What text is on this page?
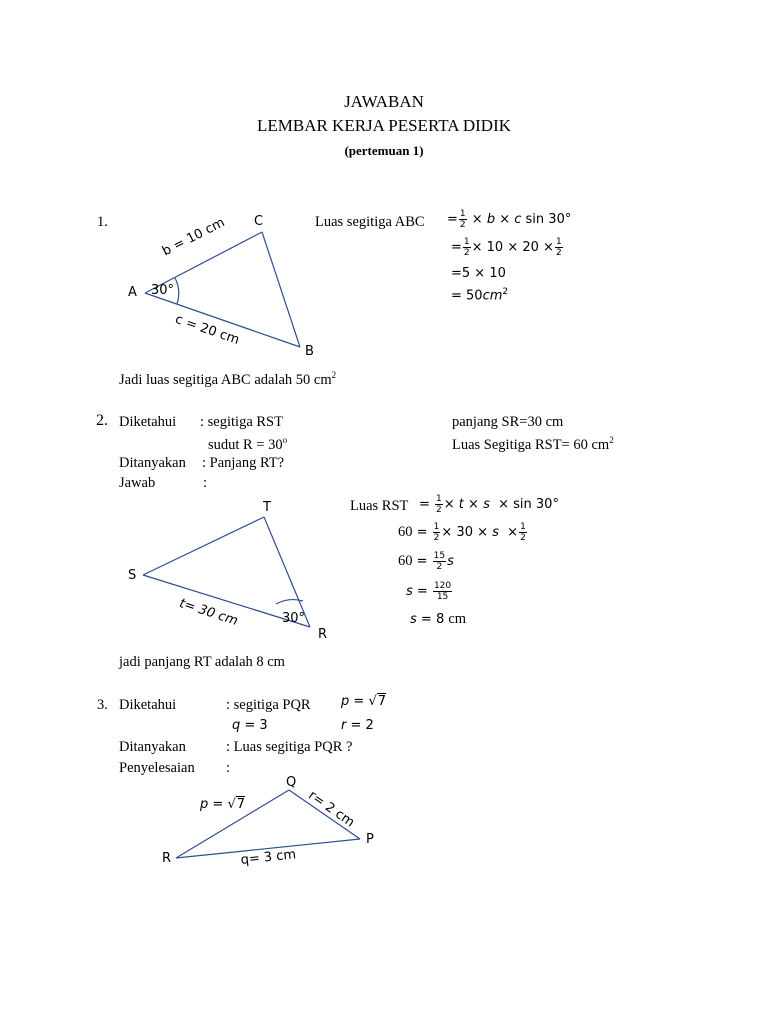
JAWABAN
LEMBAR KERJA PESERTA DIDIK
(pertemuan 1)
C
A
B
30°
b = 10 cm
c = 20 cm
1.	Luas segitiga ABC = $\frac{1}{2} \times b \times c$ sin 30°
= $\frac{1}{2} \times 10 \times 20 \times \frac{1}{2}$
=5 × 10
= $50cm^2$
Jadi luas segitiga ABC adalah 50 $cm^2$
2. Diketahui : segitiga RST
sudut $R = 30^o$
panjang SR=30 cm
Luas Segitiga RST= 60 $cm^2$
Ditanyakan : Panjang RT?
Jawab	:
T
S
R
30°
t= 30 cm
Luas RST = $\frac{1}{2} \times t \times s \times \sin 30^\circ$
$60 = \frac{1}{2} \times 30 \times s \times \frac{1}{2}$
$60 = \frac{15}{2}$ s
$s = \frac{120}{15}$
s = 8 cm
jadi panjang RT adalah 8 cm
3. Diketahui	: segitiga PQR p = √7
q = 3	r = 2
Ditanyakan	: Luas segitiga PQR ?
Penyelesaian :
Q
P
R
p = √7	r= 2 cm
q= 3 cm
